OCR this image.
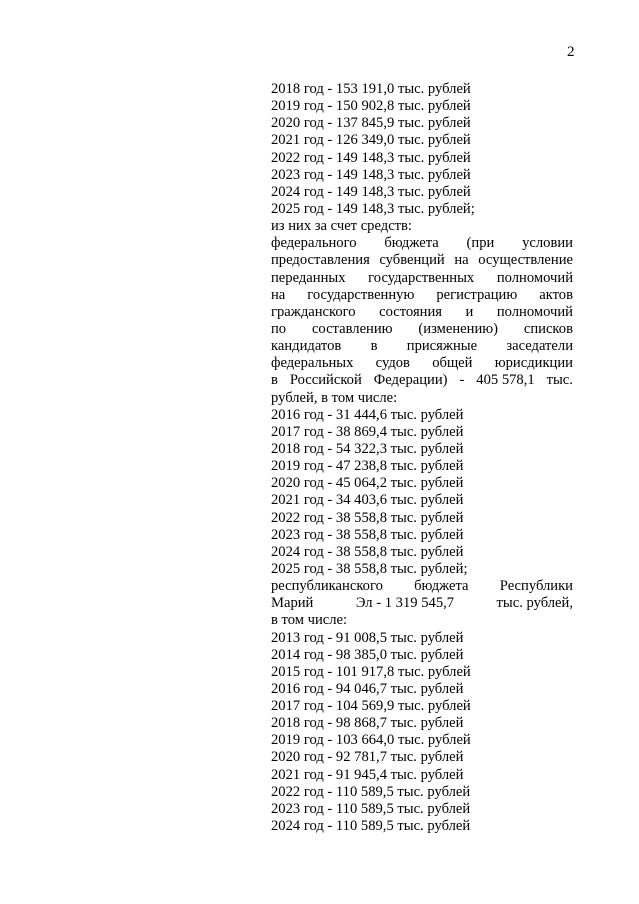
2
2018 год - 153 191,0 тыс. рублей
2019 год - 150 902,8 тыс. рублей
2020 год - 137 845,9 тыс. рублей
2021 год - 126 349,0 тыс. рублей
2022 год - 149 148,3 тыс. рублей
2023 год - 149 148,3 тыс. рублей
2024 год - 149 148,3 тыс. рублей
2025 год - 149 148,3 тыс. рублей;
из них за счет средств:
федерального бюджета (при условии
предоставления субвенций на осуществление
переданных государственных полномочий
на государственную регистрацию актов
гражданского состояния и полномочий
по составлению (изменению) списков
кандидатов в присяжные заседатели
федеральных судов общей юрисдикции
в Российской Федерации) - 405 578,1 тыс.
рублей, в том числе:
2016 год - 31 444,6 тыс. рублей
2017 год - 38 869,4 тыс. рублей
2018 год - 54 322,3 тыс. рублей
2019 год - 47 238,8 тыс. рублей
2020 год - 45 064,2 тыс. рублей
2021 год - 34 403,6 тыс. рублей
2022 год - 38 558,8 тыс. рублей
2023 год - 38 558,8 тыс. рублей
2024 год - 38 558,8 тыс. рублей
2025 год - 38 558,8 тыс. рублей;
республиканского бюджета Республики
Марий	Эл - 1 319 545,7	тыс. рублей,
в том числе:
2013 год - 91 008,5 тыс. рублей
2014 год - 98 385,0 тыс. рублей
2015 год - 101 917,8 тыс. рублей
2016 год - 94 046,7 тыс. рублей
2017 год - 104 569,9 тыс. рублей
2018 год - 98 868,7 тыс. рублей
2019 год - 103 664,0 тыс. рублей
2020 год - 92 781,7 тыс. рублей
2021 год - 91 945,4 тыс. рублей
2022 год - 110 589,5 тыс. рублей
2023 год - 110 589,5 тыс. рублей
2024 год - 110 589,5 тыс. рублей
